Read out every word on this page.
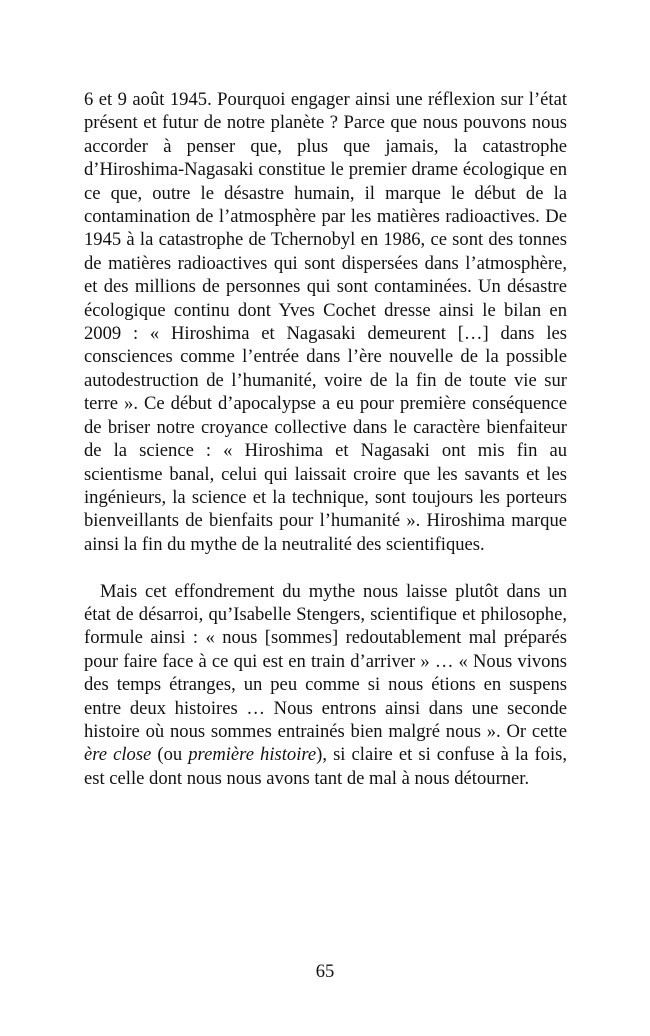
6 et 9 août 1945. Pourquoi engager ainsi une réflexion sur l’état présent et futur de notre planète ? Parce que nous pouvons nous accorder à penser que, plus que jamais, la catastrophe d’Hiroshima-Nagasaki constitue le premier drame écologique en ce que, outre le désastre humain, il marque le début de la contamination de l’atmosphère par les matières radioactives. De 1945 à la catastrophe de Tchernobyl en 1986, ce sont des tonnes de matières radioactives qui sont dispersées dans l’atmosphère, et des millions de personnes qui sont contaminées. Un désastre écologique continu dont Yves Cochet dresse ainsi le bilan en 2009 : « Hiroshima et Nagasaki demeurent […] dans les consciences comme l’entrée dans l’ère nouvelle de la possible autodestruction de l’humanité, voire de la fin de toute vie sur terre ». Ce début d’apocalypse a eu pour première conséquence de briser notre croyance collective dans le caractère bienfaiteur de la science : « Hiroshima et Nagasaki ont mis fin au scientisme banal, celui qui laissait croire que les savants et les ingénieurs, la science et la technique, sont toujours les porteurs bienveillants de bienfaits pour l’humanité ». Hiroshima marque ainsi la fin du mythe de la neutralité des scientifiques.

Mais cet effondrement du mythe nous laisse plutôt dans un état de désarroi, qu’Isabelle Stengers, scientifique et philosophe, formule ainsi : « nous [sommes] redoutablement mal préparés pour faire face à ce qui est en train d’arriver » … « Nous vivons des temps étranges, un peu comme si nous étions en suspens entre deux histoires … Nous entrons ainsi dans une seconde histoire où nous sommes entrainés bien malgré nous ». Or cette ère close (ou première histoire), si claire et si confuse à la fois, est celle dont nous nous avons tant de mal à nous détourner.

65
